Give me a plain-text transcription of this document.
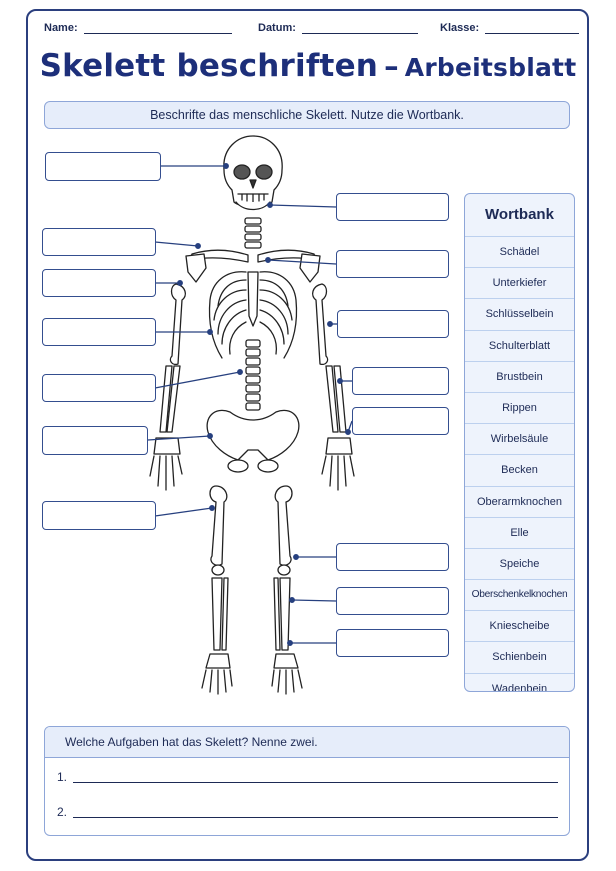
Name:	Datum:	Klasse:
Skelett beschriften – Arbeitsblatt
Beschrifte das menschliche Skelett. Nutze die Wortbank.
Wortbank
Schädel
Unterkiefer
Schlüsselbein
Schulterblatt
Brustbein
Rippen
Wirbelsäule
Becken
Oberarmknochen
Elle
Speiche
Oberschenkelknochen
Kniescheibe
Schienbein
Wadenbein
Welche Aufgaben hat das Skelett? Nenne zwei.
1.
2.
